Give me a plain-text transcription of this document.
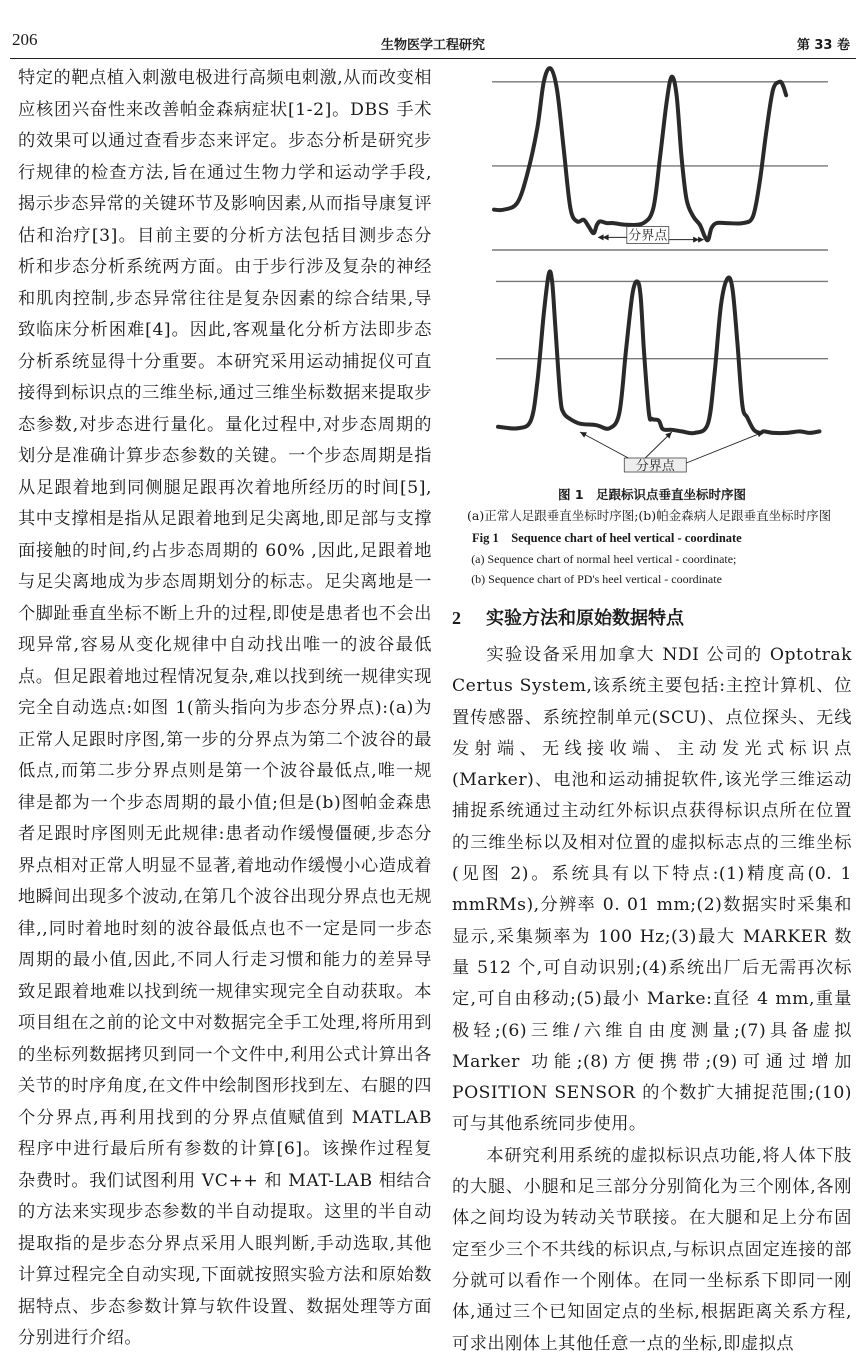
206	生物医学工程研究	第 33 卷

特定的靶点植入刺激电极进行高频电刺激,从而改变相应核团兴奋性来改善帕金森病症状[1-2]。DBS 手术的效果可以通过查看步态来评定。步态分析是研究步行规律的检查方法,旨在通过生物力学和运动学手段,揭示步态异常的关键环节及影响因素,从而指导康复评估和治疗[3]。目前主要的分析方法包括目测步态分析和步态分析系统两方面。由于步行涉及复杂的神经和肌肉控制,步态异常往往是复杂因素的综合结果,导致临床分析困难[4]。因此,客观量化分析方法即步态分析系统显得十分重要。本研究采用运动捕捉仪可直接得到标识点的三维坐标,通过三维坐标数据来提取步态参数,对步态进行量化。量化过程中,对步态周期的划分是准确计算步态参数的关键。一个步态周期是指从足跟着地到同侧腿足跟再次着地所经历的时间[5],其中支撑相是指从足跟着地到足尖离地,即足部与支撑面接触的时间,约占步态周期的 60% ,因此,足跟着地与足尖离地成为步态周期划分的标志。足尖离地是一个脚趾垂直坐标不断上升的过程,即使是患者也不会出现异常,容易从变化规律中自动找出唯一的波谷最低点。但足跟着地过程情况复杂,难以找到统一规律实现完全自动选点:如图 1(箭头指向为步态分界点):(a)为正常人足跟时序图,第一步的分界点为第二个波谷的最低点,而第二步分界点则是第一个波谷最低点,唯一规律是都为一个步态周期的最小值;但是(b)图帕金森患者足跟时序图则无此规律:患者动作缓慢僵硬,步态分界点相对正常人明显不显著,着地动作缓慢小心造成着地瞬间出现多个波动,在第几个波谷出现分界点也无规律,,同时着地时刻的波谷最低点也不一定是同一步态周期的最小值,因此,不同人行走习惯和能力的差异导致足跟着地难以找到统一规律实现完全自动获取。本项目组在之前的论文中对数据完全手工处理,将所用到的坐标列数据拷贝到同一个文件中,利用公式计算出各关节的时序角度,在文件中绘制图形找到左、右腿的四个分界点,再利用找到的分界点值赋值到 MATLAB 程序中进行最后所有参数的计算[6]。该操作过程复杂费时。我们试图利用 VC++ 和 MAT-LAB 相结合的方法来实现步态参数的半自动提取。这里的半自动提取指的是步态分界点采用人眼判断,手动选取,其他计算过程完全自动实现,下面就按照实验方法和原始数据特点、步态参数计算与软件设置、数据处理等方面分别进行介绍。

分界点
分界点
图 1　足跟标识点垂直坐标时序图
(a)正常人足跟垂直坐标时序图;(b)帕金森病人足跟垂直坐标时序图
Fig 1　Sequence chart of heel vertical - coordinate
(a) Sequence chart of normal heel vertical - coordinate;
(b) Sequence chart of PD's heel vertical - coordinate
2 实验方法和原始数据特点

实验设备采用加拿大 NDI 公司的 Optotrak Certus System,该系统主要包括:主控计算机、位置传感器、系统控制单元(SCU)、点位探头、无线发射端、无线接收端、主动发光式标识点(Marker)、电池和运动捕捉软件,该光学三维运动捕捉系统通过主动红外标识点获得标识点所在位置的三维坐标以及相对位置的虚拟标志点的三维坐标(见图 2)。系统具有以下特点:(1)精度高(0. 1 mmRMs),分辨率 0. 01 mm;(2)数据实时采集和显示,采集频率为 100 Hz;(3)最大 MARKER 数量 512 个,可自动识别;(4)系统出厂后无需再次标定,可自由移动;(5)最小 Marke:直径 4 mm,重量极轻;(6)三维/六维自由度测量;(7)具备虚拟 Marker 功能;(8)方便携带;(9)可通过增加 POSITION SENSOR 的个数扩大捕捉范围;(10)可与其他系统同步使用。

本研究利用系统的虚拟标识点功能,将人体下肢的大腿、小腿和足三部分分别简化为三个刚体,各刚体之间均设为转动关节联接。在大腿和足上分布固定至少三个不共线的标识点,与标识点固定连接的部分就可以看作一个刚体。在同一坐标系下即同一刚体,通过三个已知固定点的坐标,根据距离关系方程,可求出刚体上其他任意一点的坐标,即虚拟点
